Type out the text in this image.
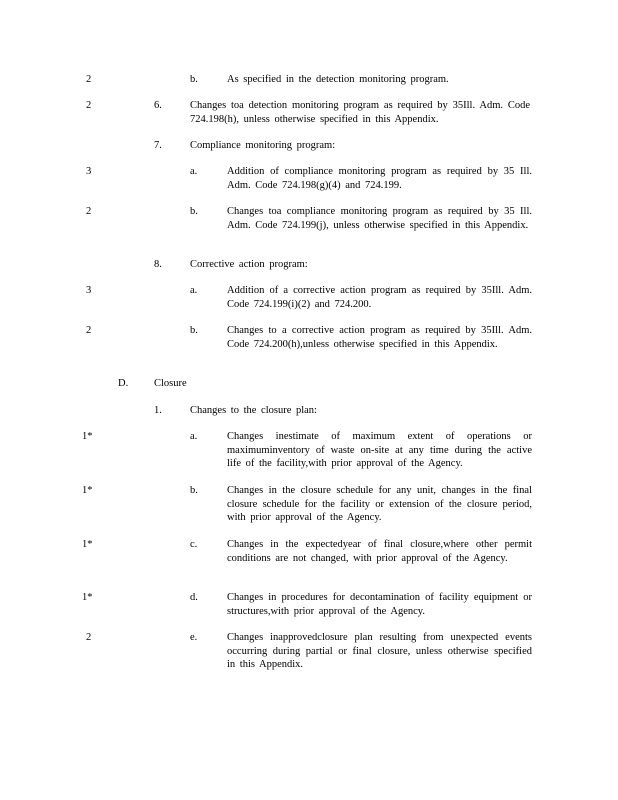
2	b.	As specified in the detection monitoring program.
2	6.	Changes toa detection monitoring program as required by 35Ill. Adm. Code 724.198(h), unless otherwise specified in this Appendix.
7.	Compliance monitoring program:
3	a.	Addition of compliance monitoring program as required by 35 Ill. Adm. Code 724.198(g)(4) and 724.199.
2	b.	Changes toa compliance monitoring program as required by 35 Ill. Adm. Code 724.199(j), unless otherwise specified in this Appendix.
8.	Corrective action program:
3	a.	Addition of a corrective action program as required by 35Ill. Adm. Code 724.199(i)(2) and 724.200.
2	b.	Changes to a corrective action program as required by 35Ill. Adm. Code 724.200(h),unless otherwise specified in this Appendix.
D. Closure
1.	Changes to the closure plan:
1*	a.	Changes inestimate of maximum extent of operations or maximuminventory of waste on-site at any time during the active life of the facility,with prior approval of the Agency.
1*	b.	Changes in the closure schedule for any unit, changes in the final closure schedule for the facility or extension of the closure period, with prior approval of the Agency.
1*	c.	Changes in the expectedyear of final closure,where other permit conditions are not changed, with prior approval of the Agency.
1*	d.	Changes in procedures for decontamination of facility equipment or structures,with prior approval of the Agency.
2	e.	Changes inapprovedclosure plan resulting from unexpected events occurring during partial or final closure, unless otherwise specified in this Appendix.
